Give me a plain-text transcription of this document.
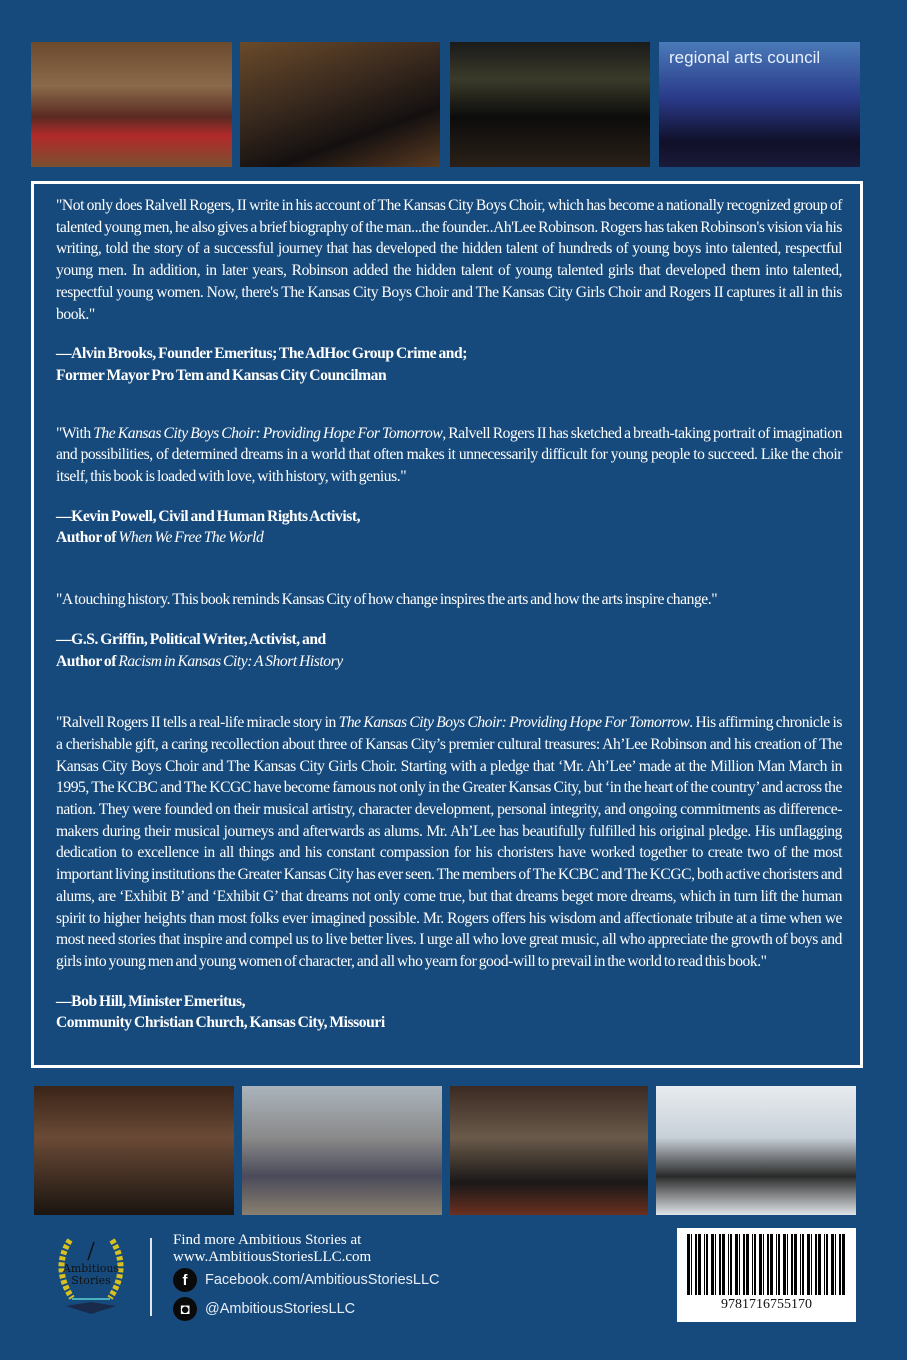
regional arts council

"Not only does Ralvell Rogers, II write in his account of The Kansas City Boys Choir, which has become a nationally recognized group of talented young men, he also gives a brief biography of the man...the founder..Ah'Lee Robinson. Rogers has taken Robinson's vision via his writing, told the story of a successful journey that has developed the hidden talent of hundreds of young boys into talented, respectful young men. In addition, in later years, Robinson added the hidden talent of young talented girls that developed them into talented, respectful young women. Now, there's The Kansas City Boys Choir and The Kansas City Girls Choir and Rogers II captures it all in this book."

—Alvin Brooks, Founder Emeritus; The AdHoc Group Crime and;

Former Mayor Pro Tem and Kansas City Councilman

"With The Kansas City Boys Choir: Providing Hope For Tomorrow, Ralvell Rogers II has sketched a breath-taking portrait of imagination and possibilities, of determined dreams in a world that often makes it unnecessarily difficult for young people to succeed. Like the choir itself, this book is loaded with love, with history, with genius."

—Kevin Powell, Civil and Human Rights Activist,

Author of When We Free The World

"A touching history. This book reminds Kansas City of how change inspires the arts and how the arts inspire change."

—G.S. Griffin, Political Writer, Activist, and

Author of Racism in Kansas City: A Short History

"Ralvell Rogers II tells a real-life miracle story in The Kansas City Boys Choir: Providing Hope For Tomorrow. His affirming chronicle is a cherishable gift, a caring recollection about three of Kansas City’s premier cultural treasures: Ah’Lee Robinson and his creation of The Kansas City Boys Choir and The Kansas City Girls Choir. Starting with a pledge that ‘Mr. Ah’Lee’ made at the Million Man March in 1995, The KCBC and The KCGC have become famous not only in the Greater Kansas City, but ‘in the heart of the country’ and across the nation. They were founded on their musical artistry, character development, personal integrity, and ongoing commitments as difference-makers during their musical journeys and afterwards as alums. Mr. Ah’Lee has beautifully fulfilled his original pledge. His unflagging dedication to excellence in all things and his constant compassion for his choristers have worked together to create two of the most important living institutions the Greater Kansas City has ever seen. The members of The KCBC and The KCGC, both active choristers and alums, are ‘Exhibit B’ and ‘Exhibit G’ that dreams not only come true, but that dreams beget more dreams, which in turn lift the human spirit to higher heights than most folks ever imagined possible. Mr. Rogers offers his wisdom and affectionate tribute at a time when we most need stories that inspire and compel us to live better lives. I urge all who love great music, all who appreciate the growth of boys and girls into young men and young women of character, and all who yearn for good-will to prevail in the world to read this book."

—Bob Hill, Minister Emeritus,

Community Christian Church, Kansas City, Missouri

Ambitious
Stories
Find more Ambitious Stories at
www.AmbitiousStoriesLLC.com
f	Facebook.com/AmbitiousStoriesLLC
◘	@AmbitiousStoriesLLC	9781716755170
